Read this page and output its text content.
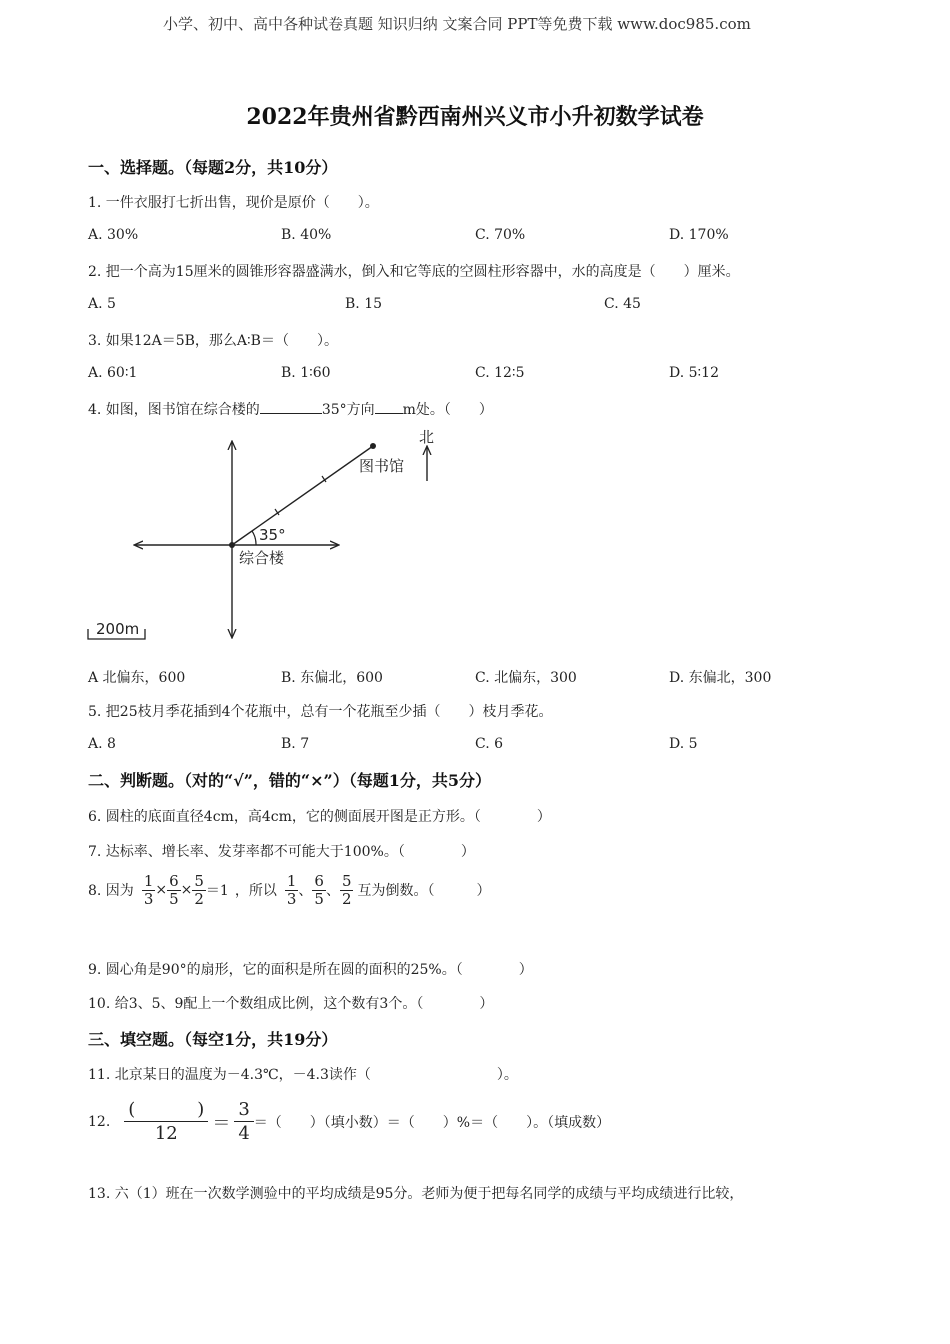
小学、初中、高中各种试卷真题 知识归纳 文案合同 PPT等免费下载 www.doc985.com
2022年贵州省黔西南州兴义市小升初数学试卷
一、选择题。（每题2分，共10分）
1. 一件衣服打七折出售，现价是原价（　　）。
A. 30%	B. 40%	C. 70%	D. 170%
2. 把一个高为15厘米的圆锥形容器盛满水，倒入和它等底的空圆柱形容器中，水的高度是（　　）厘米。
A. 5	B. 15	C. 45
3. 如果12A＝5B，那么A∶B＝（　　）。
A. 60∶1	B. 1∶60	C. 12∶5	D. 5∶12
4. 如图，图书馆在综合楼的	35°方向 m处。（　　）
35°
综合楼
图书馆
北
200m
A 北偏东，600	B. 东偏北，600	C. 北偏东，300	D. 东偏北，300
5. 把25枝月季花插到4个花瓶中，总有一个花瓶至少插（　　）枝月季花。
A. 8	B. 7	C. 6	D. 5
二、判断题。（对的“√”，错的“×”）（每题1分，共5分）
6. 圆柱的底面直径4cm，高4cm，它的侧面展开图是正方形。（　　　　）
7. 达标率、增长率、发芽率都不可能大于100%。（　　　　）
8. 因为 $\frac{1}{3} \times \frac{6}{5} \times \frac{5}{2} =1$ ，所以
1
3 、
6
5 、
5
2 互为倒数。（　　　）
9. 圆心角是90°的扇形，它的面积是所在圆的面积的25%。（　　　　）
10. 给3、5、9配上一个数组成比例，这个数有3个。（　　　　）
三、填空题。（每空1分，共19分）
11. 北京某日的温度为－4.3℃，－4.3读作（　　　　　　　　　）。
12.
(	)
12 ＝
3
4
＝（　　）（填小数）＝（　　）%＝（　　）。（填成数）
13. 六（1）班在一次数学测验中的平均成绩是95分。老师为便于把每名同学的成绩与平均成绩进行比较，
